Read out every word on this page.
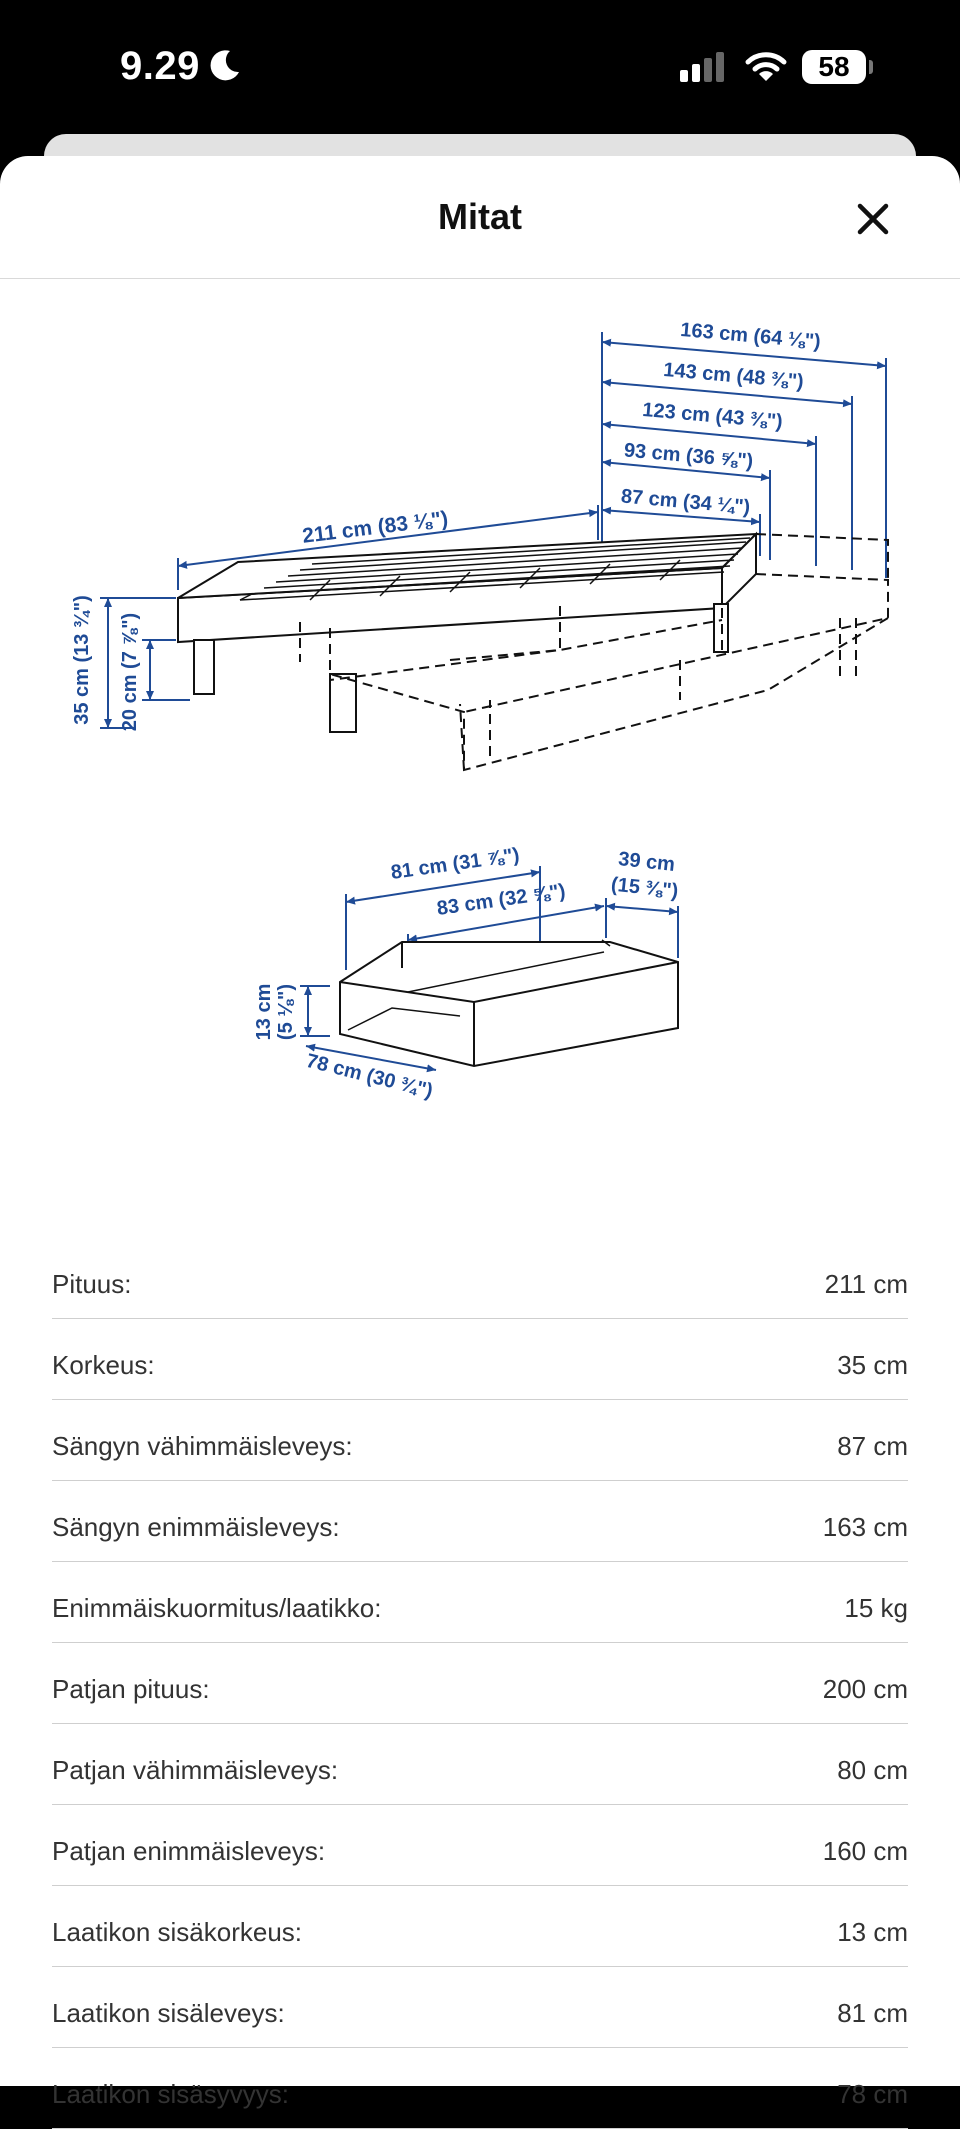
9.29	58
Mitat
211 cm (83 ⅛")
163 cm (64 ⅛")
143 cm (48 ⅜")
123 cm (43 ⅜")
93 cm (36 ⅝")
87 cm (34 ¼")
35 cm (13 ¾") 20 cm (7 ⅞")
81 cm (31 ⅞")
83 cm (32 ⅝")
39 cm
(15 ⅜")
13 cm (5 ⅛")
78 cm (30 ¾")
Pituus:	211 cm
Korkeus:	35 cm
Sängyn vähimmäisleveys:	87 cm
Sängyn enimmäisleveys:	163 cm
Enimmäiskuormitus/laatikko:	15 kg
Patjan pituus:	200 cm
Patjan vähimmäisleveys:	80 cm
Patjan enimmäisleveys:	160 cm
Laatikon sisäkorkeus:	13 cm
Laatikon sisäleveys:	81 cm
Laatikon sisäsyvyys:	78 cm
